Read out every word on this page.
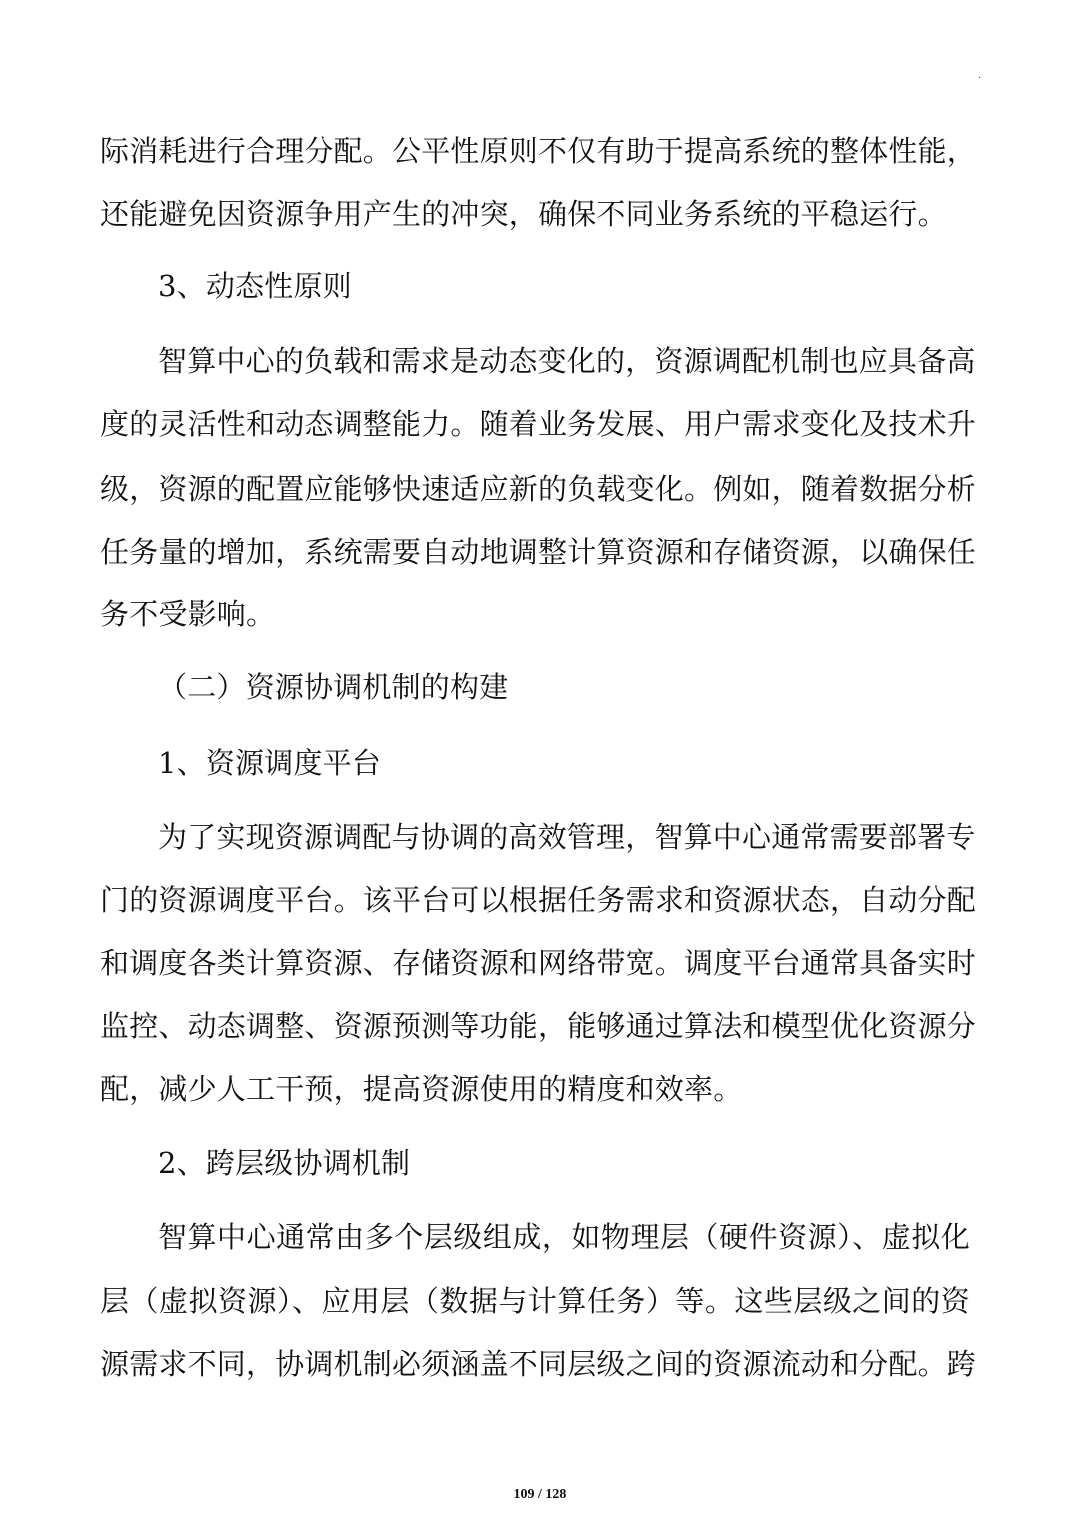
·
际消耗进行合理分配。公平性原则不仅有助于提高系统的整体性能，
还能避免因资源争用产生的冲突，确保不同业务系统的平稳运行。
3、动态性原则
智算中心的负载和需求是动态变化的，资源调配机制也应具备高
度的灵活性和动态调整能力。随着业务发展、用户需求变化及技术升
级，资源的配置应能够快速适应新的负载变化。例如，随着数据分析
任务量的增加，系统需要自动地调整计算资源和存储资源，以确保任
务不受影响。
（二）资源协调机制的构建
1、资源调度平台
为了实现资源调配与协调的高效管理，智算中心通常需要部署专
门的资源调度平台。该平台可以根据任务需求和资源状态，自动分配
和调度各类计算资源、存储资源和网络带宽。调度平台通常具备实时
监控、动态调整、资源预测等功能，能够通过算法和模型优化资源分
配，减少人工干预，提高资源使用的精度和效率。
2、跨层级协调机制
智算中心通常由多个层级组成，如物理层（硬件资源）、虚拟化
层（虚拟资源）、应用层（数据与计算任务）等。这些层级之间的资
源需求不同，协调机制必须涵盖不同层级之间的资源流动和分配。跨
109 / 128
